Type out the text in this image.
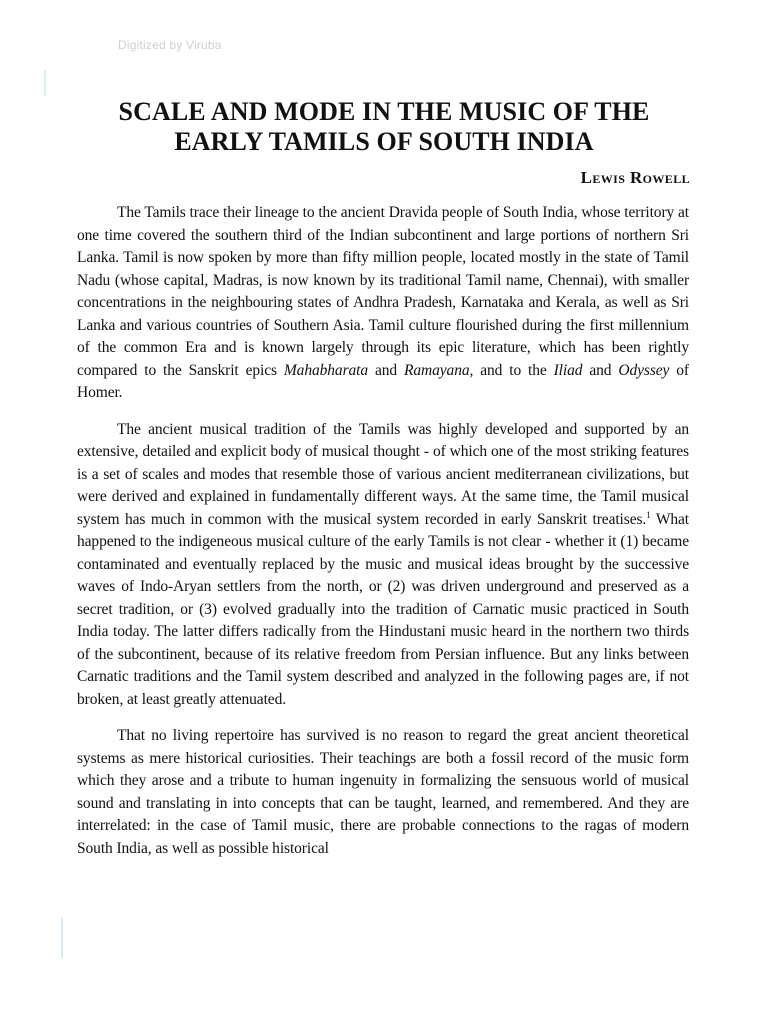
Digitized by Viruba
SCALE AND MODE IN THE MUSIC OF THE
EARLY TAMILS OF SOUTH INDIA
Lewis Rowell

The Tamils trace their lineage to the ancient Dravida people of South India, whose territory at one time covered the southern third of the Indian subcontinent and large portions of northern Sri Lanka. Tamil is now spoken by more than fifty million people, located mostly in the state of Tamil Nadu (whose capital, Madras, is now known by its traditional Tamil name, Chennai), with smaller concentrations in the neighbouring states of Andhra Pradesh, Karnataka and Kerala, as well as Sri Lanka and various countries of Southern Asia. Tamil culture flourished during the first millennium of the common Era and is known largely through its epic literature, which has been rightly compared to the Sanskrit epics Mahabharata and Ramayana, and to the Iliad and Odyssey of Homer.

The ancient musical tradition of the Tamils was highly developed and supported by an extensive, detailed and explicit body of musical thought - of which one of the most striking features is a set of scales and modes that resemble those of various ancient mediterranean civilizations, but were derived and explained in fundamentally different ways. At the same time, the Tamil musical system has much in common with the musical system recorded in early Sanskrit treatises.$^1$ What happened to the indigeneous musical culture of the early Tamils is not clear - whether it (1) became contaminated and eventually replaced by the music and musical ideas brought by the successive waves of Indo-Aryan settlers from the north, or (2) was driven underground and preserved as a secret tradition, or (3) evolved gradually into the tradition of Carnatic music practiced in South India today. The latter differs radically from the Hindustani music heard in the northern two thirds of the subcontinent, because of its relative freedom from Persian influence. But any links between Carnatic traditions and the Tamil system described and analyzed in the following pages are, if not broken, at least greatly attenuated.

That no living repertoire has survived is no reason to regard the great ancient theoretical systems as mere historical curiosities. Their teachings are both a fossil record of the music form which they arose and a tribute to human ingenuity in formalizing the sensuous world of musical sound and translating in into concepts that can be taught, learned, and remembered. And they are interrelated: in the case of Tamil music, there are probable connections to the ragas of modern South India, as well as possible historical
